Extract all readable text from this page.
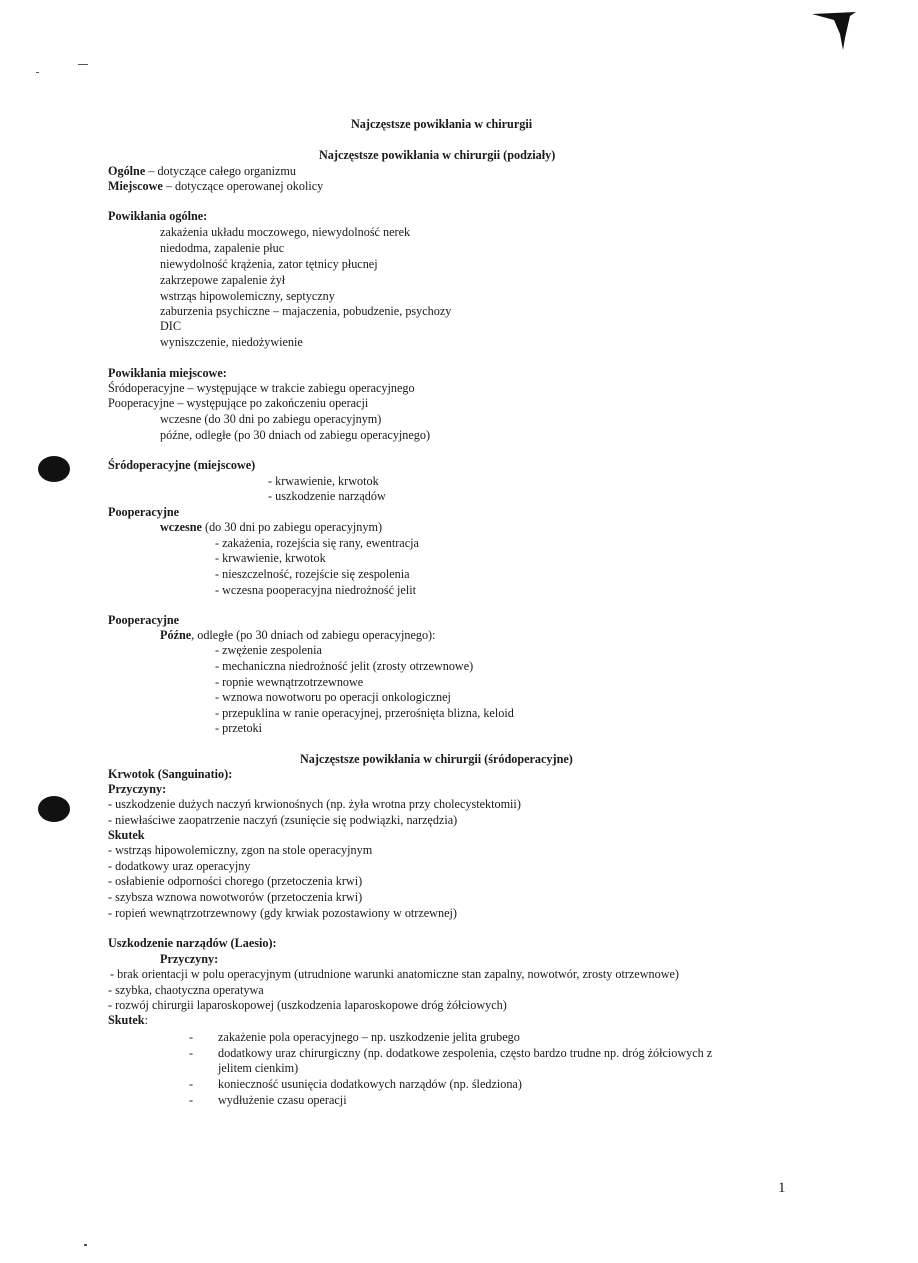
Najczęstsze powikłania w chirurgii
Najczęstsze powikłania w chirurgii (podziały)
Ogólne – dotyczące całego organizmu
Miejscowe – dotyczące operowanej okolicy
Powikłania ogólne:
zakażenia układu moczowego, niewydolność nerek
niedodma, zapalenie płuc
niewydolność krążenia, zator tętnicy płucnej
zakrzepowe zapalenie żył
wstrząs hipowolemiczny, septyczny
zaburzenia psychiczne – majaczenia, pobudzenie, psychozy
DIC
wyniszczenie, niedożywienie
Powikłania miejscowe:
Śródoperacyjne – występujące w trakcie zabiegu operacyjnego
Pooperacyjne – występujące po zakończeniu operacji
wczesne (do 30 dni po zabiegu operacyjnym)
późne, odległe (po 30 dniach od zabiegu operacyjnego)
Śródoperacyjne (miejscowe)
- krwawienie, krwotok
- uszkodzenie narządów
Pooperacyjne
wczesne (do 30 dni po zabiegu operacyjnym)
- zakażenia, rozejścia się rany, ewentracja
- krwawienie, krwotok
- nieszczelność, rozejście się zespolenia
- wczesna pooperacyjna niedrożność jelit
Pooperacyjne
Późne, odległe (po 30 dniach od zabiegu operacyjnego):
- zwężenie zespolenia
- mechaniczna niedrożność jelit (zrosty otrzewnowe)
- ropnie wewnątrzotrzewnowe
- wznowa nowotworu po operacji onkologicznej
- przepuklina w ranie operacyjnej, przerośnięta blizna, keloid
- przetoki
Najczęstsze powikłania w chirurgii (śródoperacyjne)
Krwotok (Sanguinatio):
Przyczyny:
- uszkodzenie dużych naczyń krwionośnych (np. żyła wrotna przy cholecystektomii)
- niewłaściwe zaopatrzenie naczyń (zsunięcie się podwiązki, narzędzia)
Skutek
- wstrząs hipowolemiczny, zgon na stole operacyjnym
- dodatkowy uraz operacyjny
- osłabienie odporności chorego (przetoczenia krwi)
- szybsza wznowa nowotworów (przetoczenia krwi)
- ropień wewnątrzotrzewnowy (gdy krwiak pozostawiony w otrzewnej)
Uszkodzenie narządów (Laesio):
Przyczyny:
- brak orientacji w polu operacyjnym (utrudnione warunki anatomiczne stan zapalny, nowotwór, zrosty otrzewnowe)
- szybka, chaotyczna operatywa
- rozwój chirurgii laparoskopowej (uszkodzenia laparoskopowe dróg żółciowych)
Skutek:
- zakażenie pola operacyjnego – np. uszkodzenie jelita grubego
- dodatkowy uraz chirurgiczny (np. dodatkowe zespolenia, często bardzo trudne np. dróg żółciowych z
jelitem cienkim)
- konieczność usunięcia dodatkowych narządów (np. śledziona)
- wydłużenie czasu operacji
1
